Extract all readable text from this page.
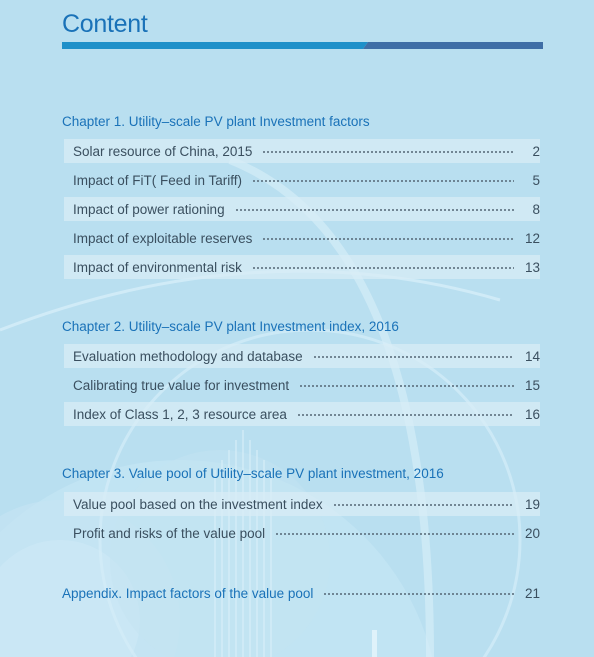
Content
Chapter 1. Utility–scale PV plant Investment factors
Solar resource of China, 2015	2
Impact of FiT( Feed in Tariff)	5
Impact of power rationing	8
Impact of exploitable reserves	12
Impact of environmental risk	13
Chapter 2. Utility–scale PV plant Investment index, 2016
Evaluation methodology and database	14
Calibrating true value for investment	15
Index of Class 1, 2, 3 resource area	16
Chapter 3. Value pool of Utility–scale PV plant investment, 2016
Value pool based on the investment index	19
Profit and risks of the value pool	20
Appendix. Impact factors of the value pool	21
